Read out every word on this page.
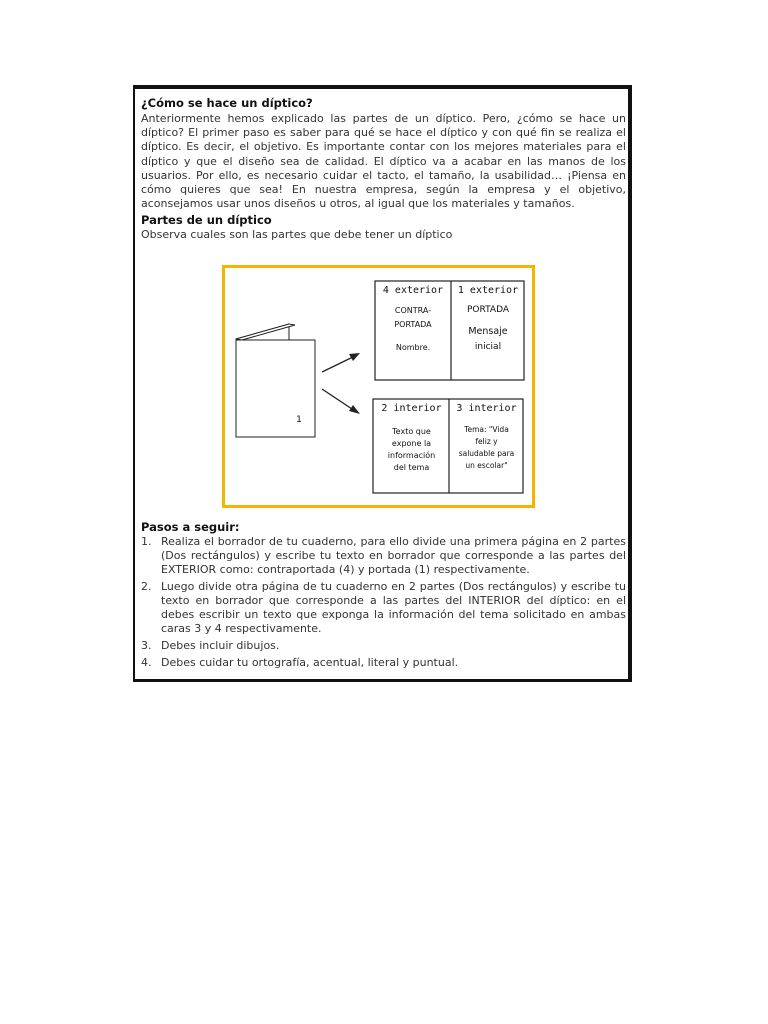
¿Cómo se hace un díptico?

Anteriormente hemos explicado las partes de un díptico. Pero, ¿cómo se hace un díptico? El primer paso es saber para qué se hace el díptico y con qué fin se realiza el díptico. Es decir, el objetivo. Es importante contar con los mejores materiales para el díptico y que el diseño sea de calidad. El díptico va a acabar en las manos de los usuarios. Por ello, es necesario cuidar el tacto, el tamaño, la usabilidad… ¡Piensa en cómo quieres que sea! En nuestra empresa, según la empresa y el objetivo, aconsejamos usar unos diseños u otros, al igual que los materiales y tamaños.

Partes de un díptico

Observa cuales son las partes que debe tener un díptico

1
4 exterior
CONTRA-
PORTADA
Nombre.
1 exterior
PORTADA
Mensaje
inicial
2 interior
Texto que
expone la
información
del tema
3 interior
Tema: "Vida
feliz y
saludable para
un escolar"

Pasos a seguir:

1. Realiza el borrador de tu cuaderno, para ello divide una primera página en 2 partes (Dos rectángulos) y escribe tu texto en borrador que corresponde a las partes del EXTERIOR como: contraportada (4) y portada (1) respectivamente.
2. Luego divide otra página de tu cuaderno en 2 partes (Dos rectángulos) y escribe tu texto en borrador que corresponde a las partes del INTERIOR del díptico: en el debes escribir un texto que exponga la información del tema solicitado en ambas caras 3 y 4 respectivamente.
3. Debes incluir dibujos.
4. Debes cuidar tu ortografía, acentual, literal y puntual.
